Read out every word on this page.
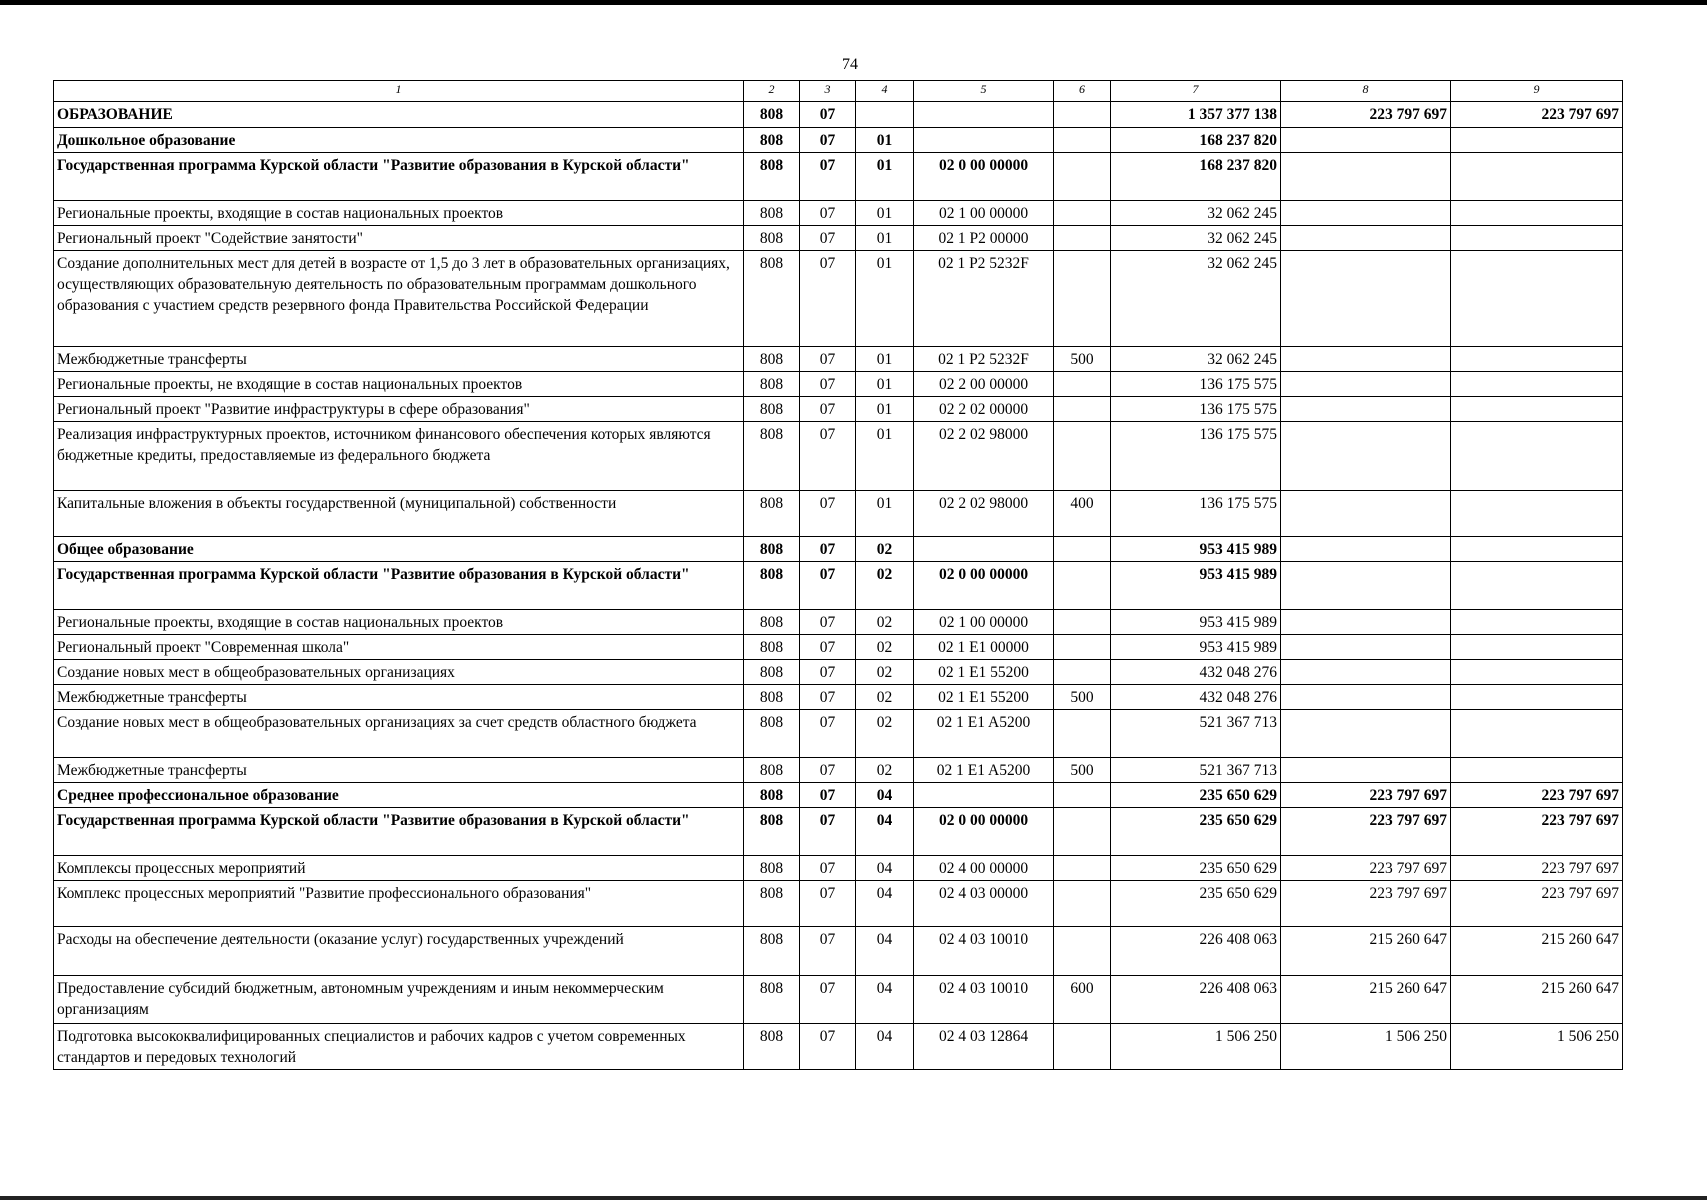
74
1	2	3	4	5	6	7	8	9
ОБРАЗОВАНИЕ	808	07				1 357 377 138	223 797 697	223 797 697
Дошкольное образование	808	07	01			168 237 820		
Государственная программа Курской области "Развитие образования в Курской области"	808	07	01	02 0 00 00000		168 237 820		
Региональные проекты, входящие в состав национальных проектов	808	07	01	02 1 00 00000		32 062 245		
Региональный проект "Содействие занятости"	808	07	01	02 1 P2 00000		32 062 245		
Создание дополнительных мест для детей в возрасте от 1,5 до 3 лет в образовательных организациях, осуществляющих образовательную деятельность по образовательным программам дошкольного образования с участием средств резервного фонда Правительства Российской Федерации	808	07	01	02 1 P2 5232F		32 062 245		
Межбюджетные трансферты	808	07	01	02 1 P2 5232F	500	32 062 245		
Региональные проекты, не входящие в состав национальных проектов	808	07	01	02 2 00 00000		136 175 575		
Региональный проект "Развитие инфраструктуры в сфере образования"	808	07	01	02 2 02 00000		136 175 575		
Реализация инфраструктурных проектов, источником финансового обеспечения которых являются бюджетные кредиты, предоставляемые из федерального бюджета	808	07	01	02 2 02 98000		136 175 575		
Капитальные вложения в объекты государственной (муниципальной) собственности	808	07	01	02 2 02 98000	400	136 175 575		
Общее образование	808	07	02			953 415 989		
Государственная программа Курской области "Развитие образования в Курской области"	808	07	02	02 0 00 00000		953 415 989		
Региональные проекты, входящие в состав национальных проектов	808	07	02	02 1 00 00000		953 415 989		
Региональный проект "Современная школа"	808	07	02	02 1 E1 00000		953 415 989		
Создание новых мест в общеобразовательных организациях	808	07	02	02 1 E1 55200		432 048 276		
Межбюджетные трансферты	808	07	02	02 1 E1 55200	500	432 048 276		
Создание новых мест в общеобразовательных организациях за счет средств областного бюджета	808	07	02	02 1 E1 A5200		521 367 713		
Межбюджетные трансферты	808	07	02	02 1 E1 A5200	500	521 367 713		
Среднее профессиональное образование	808	07	04			235 650 629	223 797 697	223 797 697
Государственная программа Курской области "Развитие образования в Курской области"	808	07	04	02 0 00 00000		235 650 629	223 797 697	223 797 697
Комплексы процессных мероприятий	808	07	04	02 4 00 00000		235 650 629	223 797 697	223 797 697
Комплекс процессных мероприятий "Развитие профессионального образования"	808	07	04	02 4 03 00000		235 650 629	223 797 697	223 797 697
Расходы на обеспечение деятельности (оказание услуг) государственных учреждений	808	07	04	02 4 03 10010		226 408 063	215 260 647	215 260 647
Предоставление субсидий бюджетным, автономным учреждениям и иным некоммерческим организациям	808	07	04	02 4 03 10010	600	226 408 063	215 260 647	215 260 647
Подготовка высококвалифицированных специалистов и рабочих кадров с учетом современных стандартов и передовых технологий	808	07	04	02 4 03 12864		1 506 250	1 506 250	1 506 250
